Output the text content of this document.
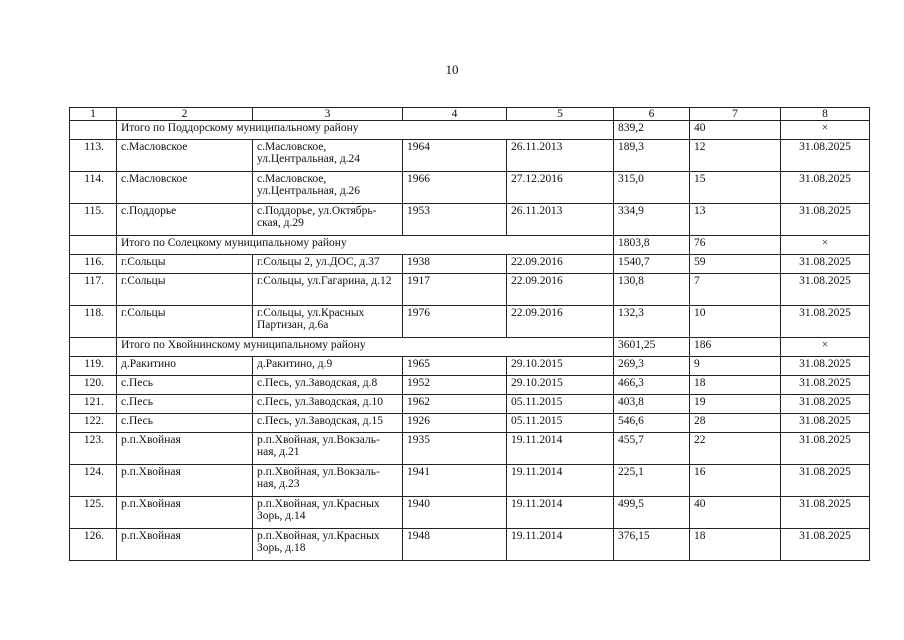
10
1	2	3	4	5	6	7	8
	Итого по Поддорскому муниципальному району				839,2	40	×
113.	с.Масловское	с.Масловское, ул.Центральная, д.24	1964	26.11.2013	189,3	12	31.08.2025
114.	с.Масловское	с.Масловское, ул.Центральная, д.26	1966	27.12.2016	315,0	15	31.08.2025
115.	с.Поддорье	с.Поддорье, ул.Октябрь-ская, д.29	1953	26.11.2013	334,9	13	31.08.2025
	Итого по Солецкому муниципальному району				1803,8	76	×
116.	г.Сольцы	г.Сольцы 2, ул.ДОС, д.37	1938	22.09.2016	1540,7	59	31.08.2025
117.	г.Сольцы	г.Сольцы, ул.Гагарина, д.12	1917	22.09.2016	130,8	7	31.08.2025
118.	г.Сольцы	г.Сольцы, ул.Красных Партизан, д.6а	1976	22.09.2016	132,3	10	31.08.2025
	Итого по Хвойнинскому муниципальному району				3601,25	186	×
119.	д.Ракитино	д.Ракитино, д.9	1965	29.10.2015	269,3	9	31.08.2025
120.	с.Песь	с.Песь, ул.Заводская, д.8	1952	29.10.2015	466,3	18	31.08.2025
121.	с.Песь	с.Песь, ул.Заводская, д.10	1962	05.11.2015	403,8	19	31.08.2025
122.	с.Песь	с.Песь, ул.Заводская, д.15	1926	05.11.2015	546,6	28	31.08.2025
123.	р.п.Хвойная	р.п.Хвойная, ул.Вокзаль-ная, д.21	1935	19.11.2014	455,7	22	31.08.2025
124.	р.п.Хвойная	р.п.Хвойная, ул.Вокзаль-ная, д.23	1941	19.11.2014	225,1	16	31.08.2025
125.	р.п.Хвойная	р.п.Хвойная, ул.Красных Зорь, д.14	1940	19.11.2014	499,5	40	31.08.2025
126.	р.п.Хвойная	р.п.Хвойная, ул.Красных Зорь, д.18	1948	19.11.2014	376,15	18	31.08.2025
